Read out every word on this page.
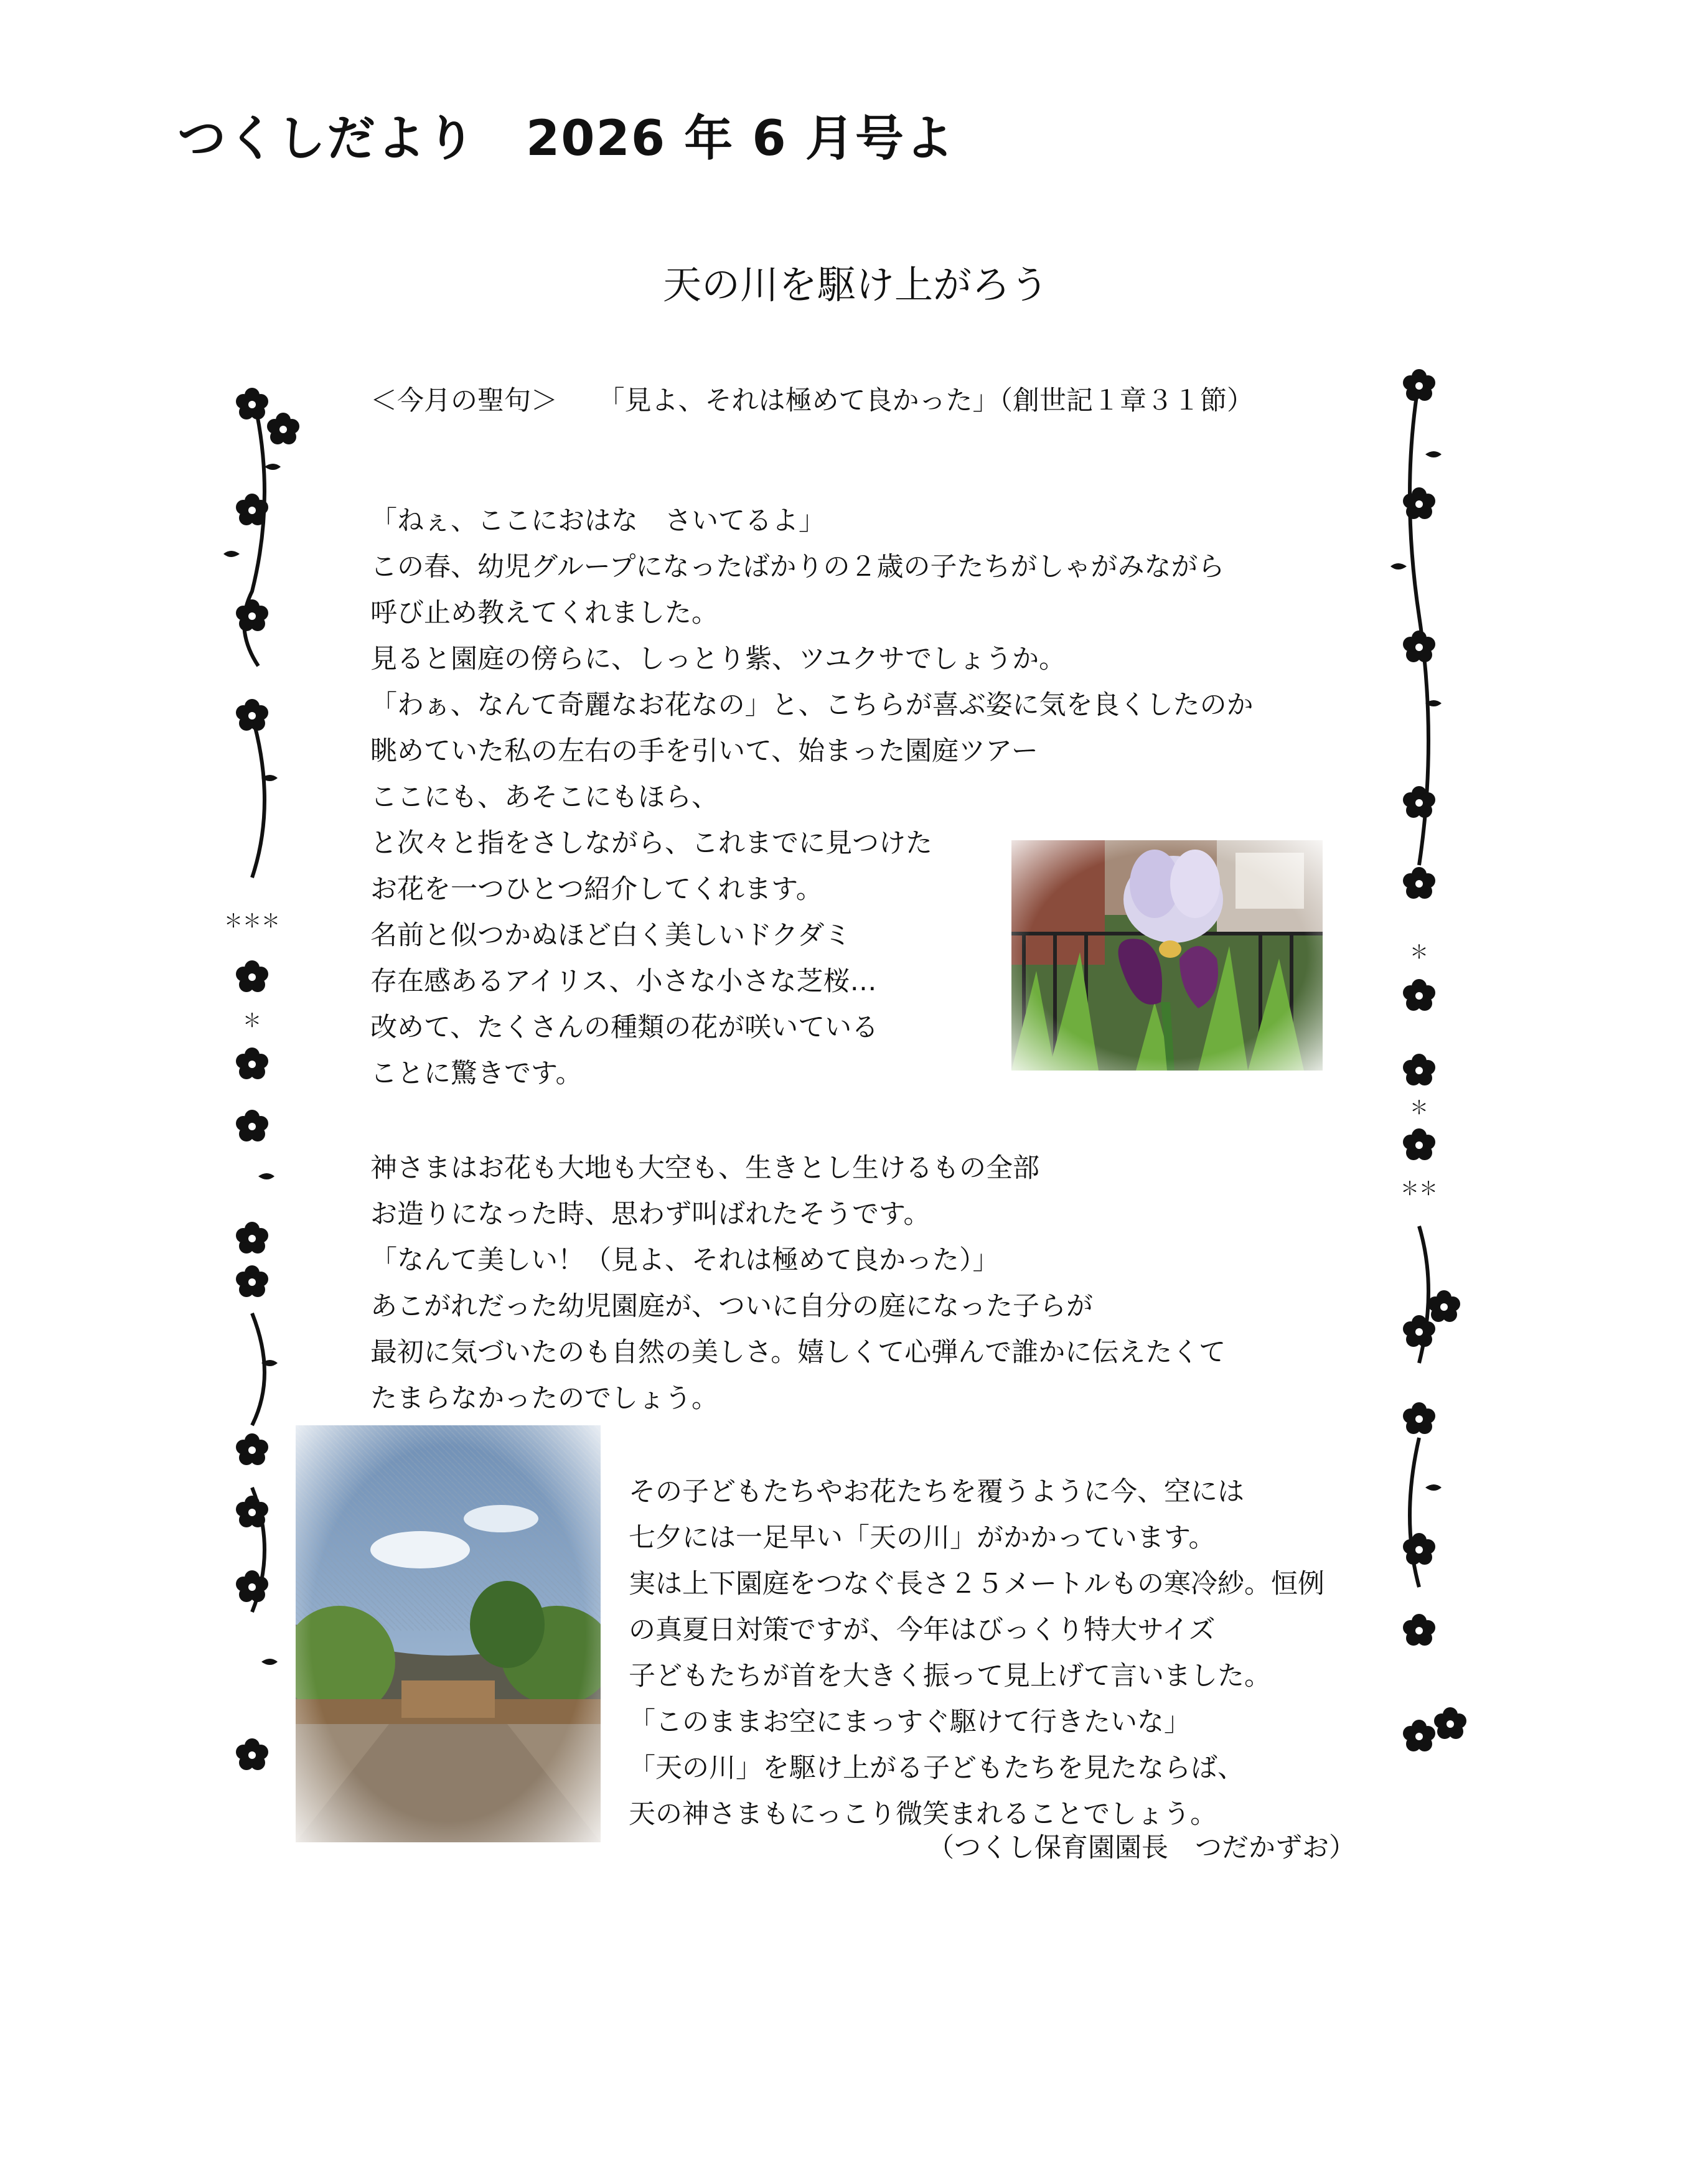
つくしだより　2026 年 6 月号よ
天の川を駆け上がろう
＜今月の聖句＞　　 「見よ、それは極めて良かった」（創世記１章３１節）
「ねぇ、ここにおはな　さいてるよ」
この春、幼児グループになったばかりの２歳の子たちがしゃがみながら
呼び止め教えてくれました。
見ると園庭の傍らに、しっとり紫、ツユクサでしょうか。
「わぁ、なんて奇麗なお花なの」と、こちらが喜ぶ姿に気を良くしたのか
眺めていた私の左右の手を引いて、始まった園庭ツアー
ここにも、あそこにもほら、
と次々と指をさしながら、これまでに見つけた
お花を一つひとつ紹介してくれます。
名前と似つかぬほど白く美しいドクダミ
存在感あるアイリス、小さな小さな芝桜…
改めて、たくさんの種類の花が咲いている
ことに驚きです。
神さまはお花も大地も大空も、生きとし生けるもの全部
お造りになった時、思わず叫ばれたそうです。
「なんて美しい！（見よ、それは極めて良かった）」
あこがれだった幼児園庭が、ついに自分の庭になった子らが
最初に気づいたのも自然の美しさ。嬉しくて心弾んで誰かに伝えたくて
たまらなかったのでしょう。
その子どもたちやお花たちを覆うように今、空には
七夕には一足早い「天の川」がかかっています。
実は上下園庭をつなぐ長さ２５メートルもの寒冷紗。恒例
の真夏日対策ですが、今年はびっくり特大サイズ
子どもたちが首を大きく振って見上げて言いました。
「このままお空にまっすぐ駆けて行きたいな」
「天の川」を駆け上がる子どもたちを見たならば、
天の神さまもにっこり微笑まれることでしょう。
（つくし保育園園長　つだかずお）
＊＊＊
＊
＊
＊
＊＊
